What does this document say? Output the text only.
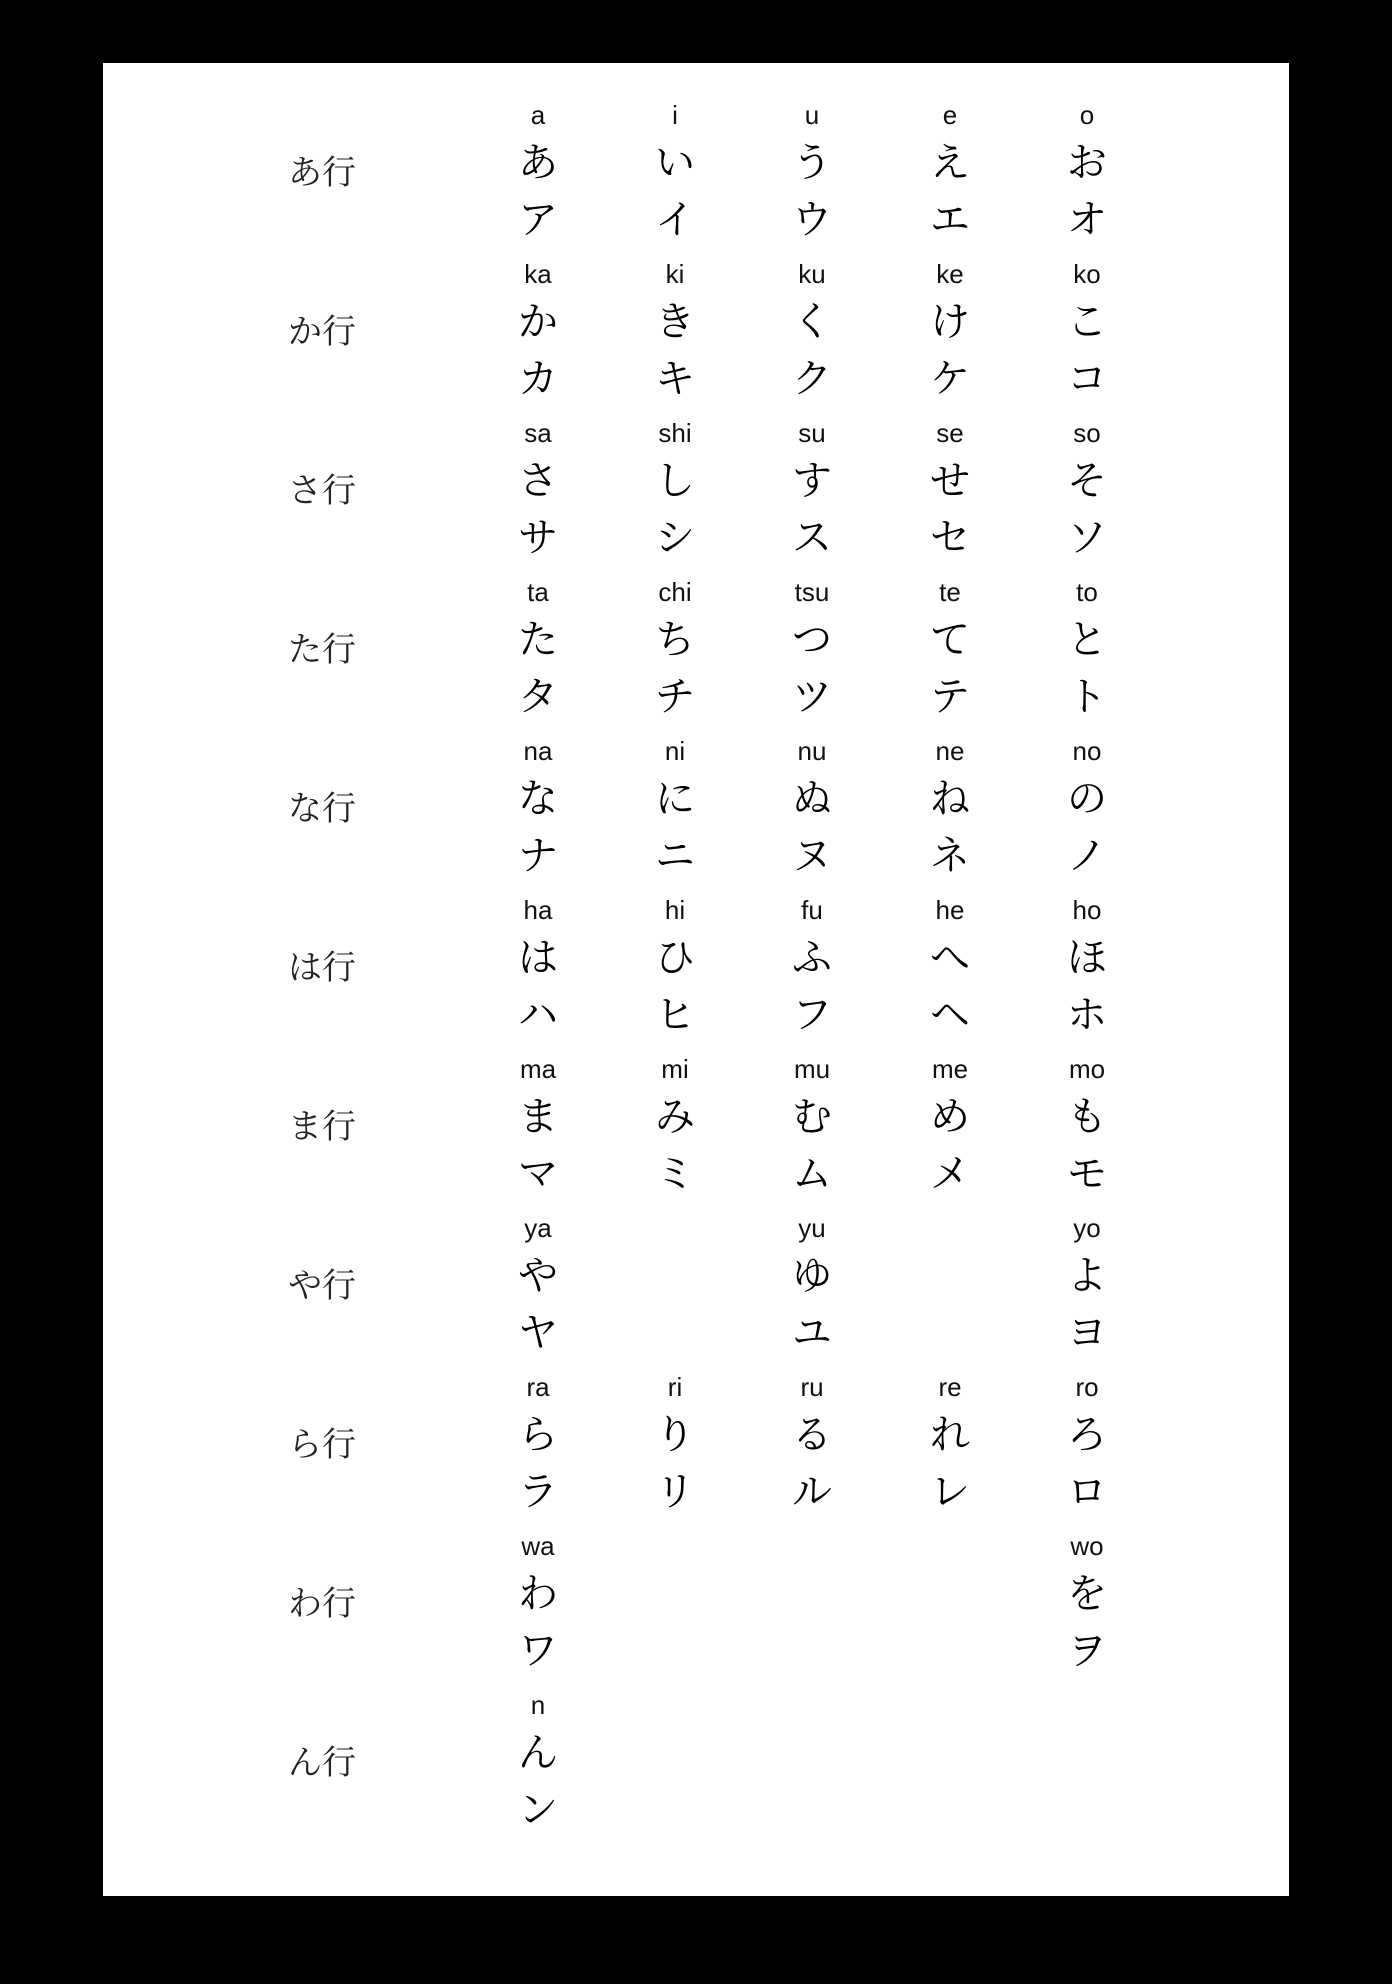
あ行
a
あ
ア
i
い
イ
u
う
ウ
e
え
エ
o
お
オ
か行
ka
か
カ
ki
き
キ
ku
く
ク
ke
け
ケ
ko
こ
コ
さ行
sa
さ
サ
shi
し
シ
su
す
ス
se
せ
セ
so
そ
ソ
た行
ta
た
タ
chi
ち
チ
tsu
つ
ツ
te
て
テ
to
と
ト
な行
na
な
ナ
ni
に
ニ
nu
ぬ
ヌ
ne
ね
ネ
no
の
ノ
は行
ha
は
ハ
hi
ひ
ヒ
fu
ふ
フ
he
へ
ヘ
ho
ほ
ホ
ま行
ma
ま
マ
mi
み
ミ
mu
む
ム
me
め
メ
mo
も
モ
や行
ya
や
ヤ
yu
ゆ
ユ
yo
よ
ヨ
ら行
ra
ら
ラ
ri
り
リ
ru
る
ル
re
れ
レ
ro
ろ
ロ
わ行
wa
わ
ワ
wo
を
ヲ
ん行
n
ん
ン
